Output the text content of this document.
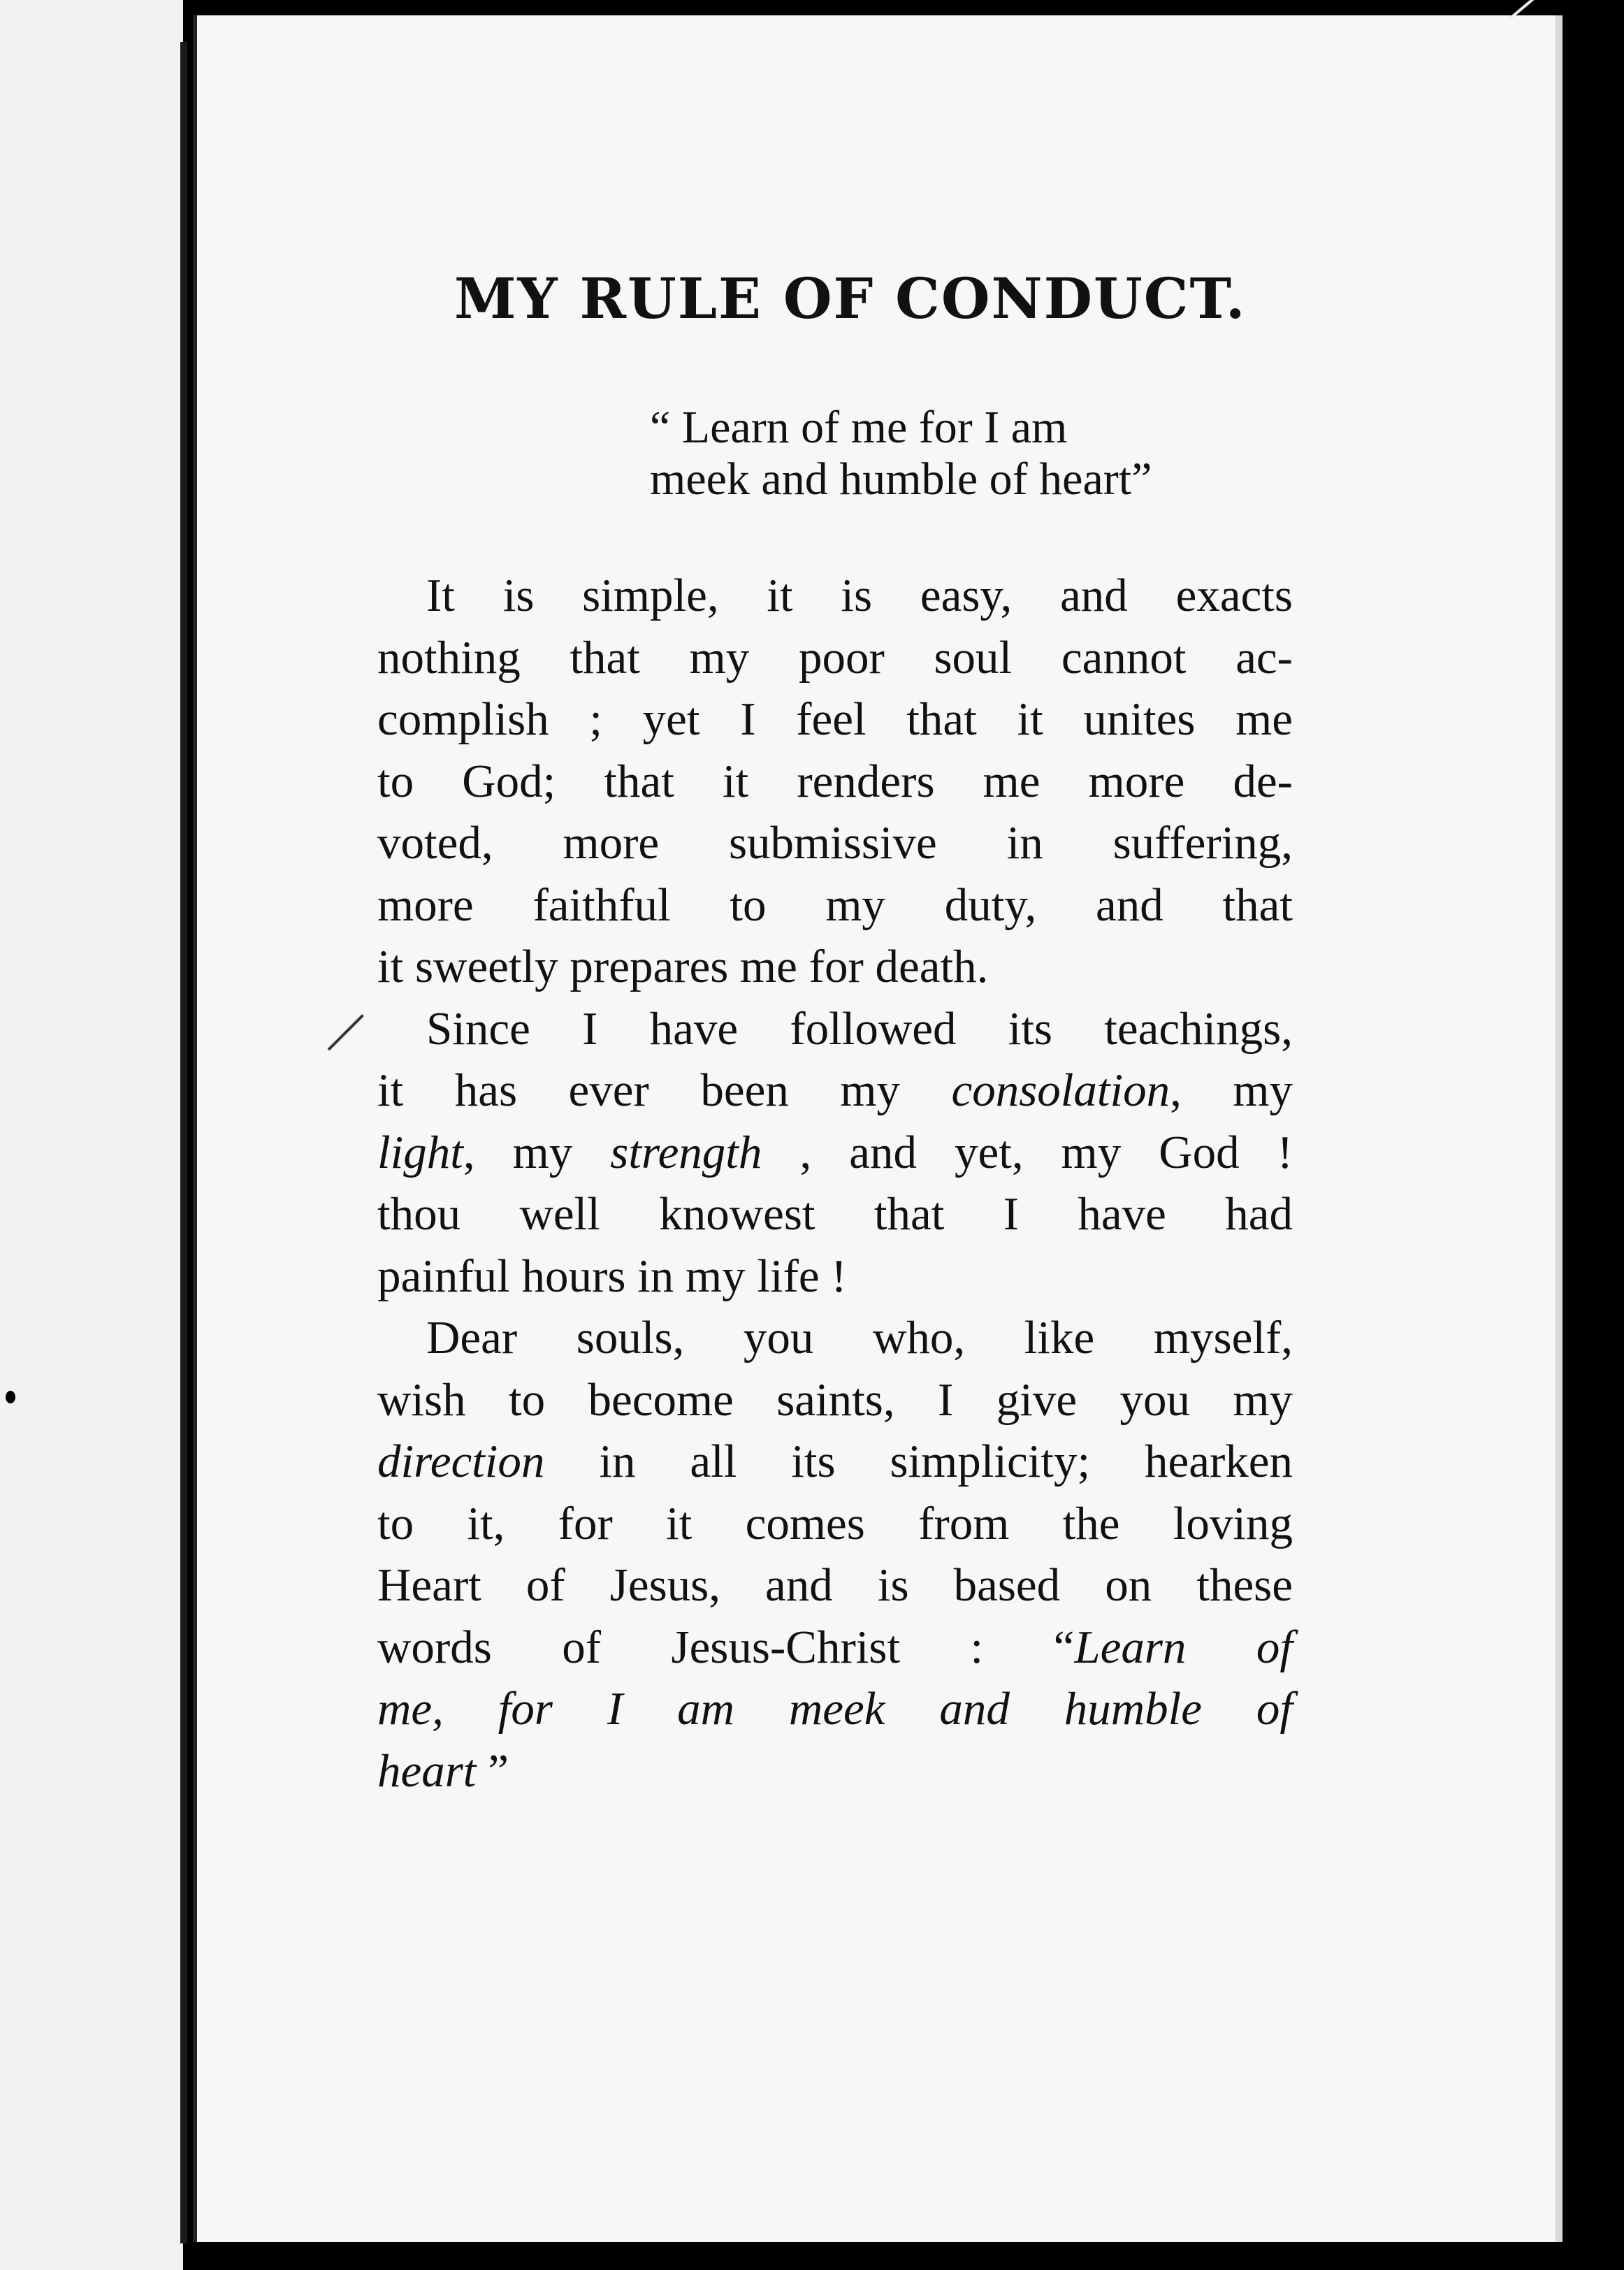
MY RULE OF CONDUCT.
“ Learn of me for I am
meek and humble of heart”
It is simple, it is easy, and exacts
nothing that my poor soul cannot ac-
complish ; yet I feel that it unites me
to God; that it renders me more de-
voted, more submissive in suffering,
more faithful to my duty, and that
it sweetly prepares me for death.
Since I have followed its teachings,
it has ever been my consolation, my
light, my strength , and yet, my God !
thou well knowest that I have had
painful hours in my life !
Dear souls, you who, like myself,
wish to become saints, I give you my
direction in all its simplicity; hearken
to it, for it comes from the loving
Heart of Jesus, and is based on these
words of Jesus-Christ : “Learn of
me, for I am meek and humble of
heart ”
